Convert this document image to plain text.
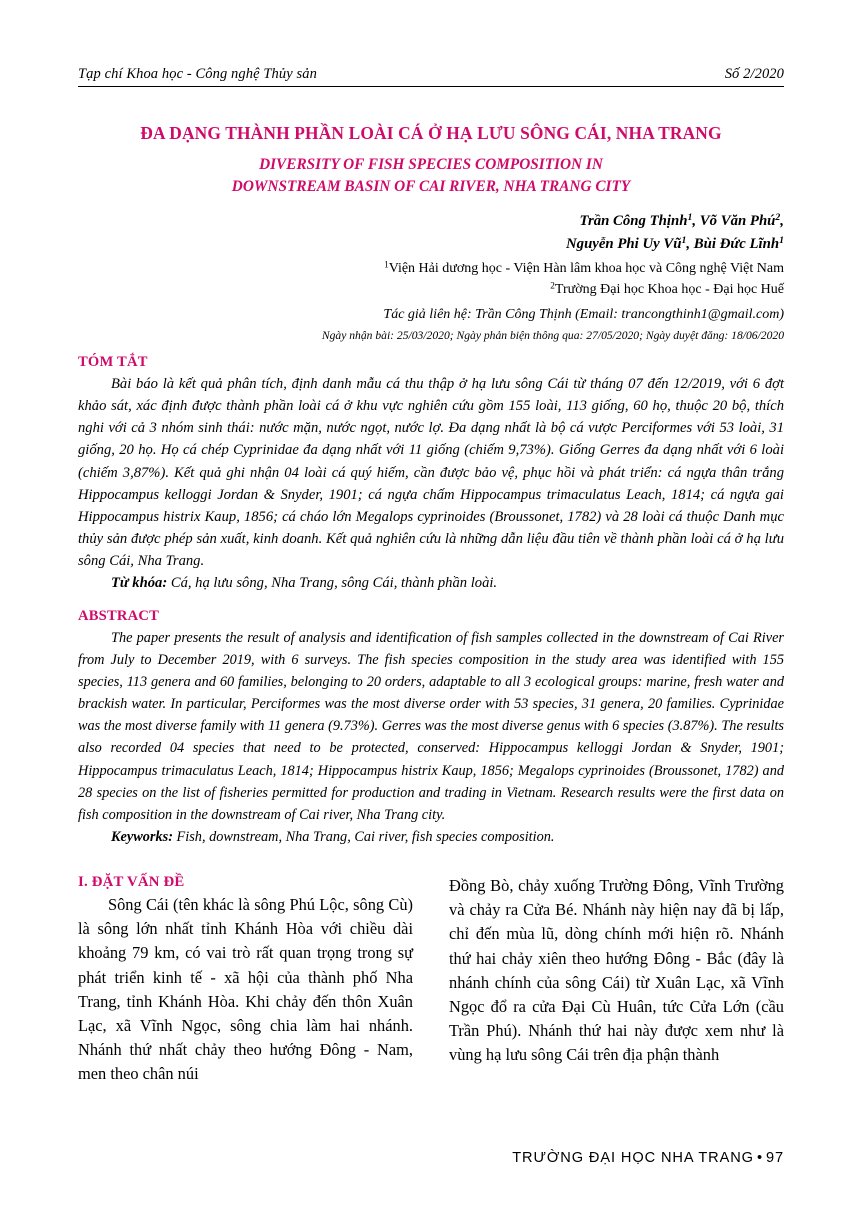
Tạp chí Khoa học - Công nghệ Thủy sản	Số 2/2020
ĐA DẠNG THÀNH PHẦN LOÀI CÁ Ở HẠ LƯU SÔNG CÁI, NHA TRANG
DIVERSITY OF FISH SPECIES COMPOSITION IN
DOWNSTREAM BASIN OF CAI RIVER, NHA TRANG CITY
Trần Công Thịnh$^1$, Võ Văn Phú$^2$,
Nguyễn Phi Uy $Vũ^1$, Bùi Đức Lĩnh$^1$
$^1$Viện Hải dương học - Viện Hàn lâm khoa học và Công nghệ Việt Nam
$^2$Trường Đại học Khoa học - Đại học Huế
Tác giả liên hệ: Trần Công Thịnh (Email: trancongthinh1@gmail.com)
Ngày nhận bài: 25/03/2020; Ngày phản biện thông qua: 27/05/2020; Ngày duyệt đăng: 18/06/2020
TÓM TẮT

Bài báo là kết quả phân tích, định danh mẫu cá thu thập ở hạ lưu sông Cái từ tháng 07 đến 12/2019, với 6 đợt khảo sát, xác định được thành phần loài cá ở khu vực nghiên cứu gồm 155 loài, 113 giống, 60 họ, thuộc 20 bộ, thích nghi với cả 3 nhóm sinh thái: nước mặn, nước ngọt, nước lợ. Đa dạng nhất là bộ cá vược Perciformes với 53 loài, 31 giống, 20 họ. Họ cá chép Cyprinidae đa dạng nhất với 11 giống (chiếm 9,73%). Giống Gerres đa dạng nhất với 6 loài (chiếm 3,87%). Kết quả ghi nhận 04 loài cá quý hiếm, cần được bảo vệ, phục hồi và phát triển: cá ngựa thân trắng Hippocampus kelloggi Jordan & Snyder, 1901; cá ngựa chấm Hippocampus trimaculatus Leach, 1814; cá ngựa gai Hippocampus histrix Kaup, 1856; cá cháo lớn Megalops cyprinoides (Broussonet, 1782) và 28 loài cá thuộc Danh mục thủy sản được phép sản xuất, kinh doanh. Kết quả nghiên cứu là những dẫn liệu đầu tiên về thành phần loài cá ở hạ lưu sông Cái, Nha Trang.

Từ khóa: Cá, hạ lưu sông, Nha Trang, sông Cái, thành phần loài.

ABSTRACT

The paper presents the result of analysis and identification of fish samples collected in the downstream of Cai River from July to December 2019, with 6 surveys. The fish species composition in the study area was identified with 155 species, 113 genera and 60 families, belonging to 20 orders, adaptable to all 3 ecological groups: marine, fresh water and brackish water. In particular, Perciformes was the most diverse order with 53 species, 31 genera, 20 families. Cyprinidae was the most diverse family with 11 genera (9.73%). Gerres was the most diverse genus with 6 species (3.87%). The results also recorded 04 species that need to be protected, conserved: Hippocampus kelloggi Jordan & Snyder, 1901; Hippocampus trimaculatus Leach, 1814; Hippocampus histrix Kaup, 1856; Megalops cyprinoides (Broussonet, 1782) and 28 species on the list of fisheries permitted for production and trading in Vietnam. Research results were the first data on fish composition in the downstream of Cai river, Nha Trang city.

Keyworks: Fish, downstream, Nha Trang, Cai river, fish species composition.

I. ĐẶT VẤN ĐỀ

Sông Cái (tên khác là sông Phú Lộc, sông Cù) là sông lớn nhất tỉnh Khánh Hòa với chiều dài khoảng 79 km, có vai trò rất quan trọng trong sự phát triển kinh tế - xã hội của thành phố Nha Trang, tỉnh Khánh Hòa. Khi chảy đến thôn Xuân Lạc, xã Vĩnh Ngọc, sông chia làm hai nhánh. Nhánh thứ nhất chảy theo hướng Đông - Nam, men theo chân núi

Đồng Bò, chảy xuống Trường Đông, Vĩnh Trường và chảy ra Cửa Bé. Nhánh này hiện nay đã bị lấp, chỉ đến mùa lũ, dòng chính mới hiện rõ. Nhánh thứ hai chảy xiên theo hướng Đông - Bắc (đây là nhánh chính của sông Cái) từ Xuân Lạc, xã Vĩnh Ngọc đổ ra cửa Đại Cù Huân, tức Cửa Lớn (cầu Trần Phú). Nhánh thứ hai này được xem như là vùng hạ lưu sông Cái trên địa phận thành

TRƯỜNG ĐẠI HỌC NHA TRANG • 97
